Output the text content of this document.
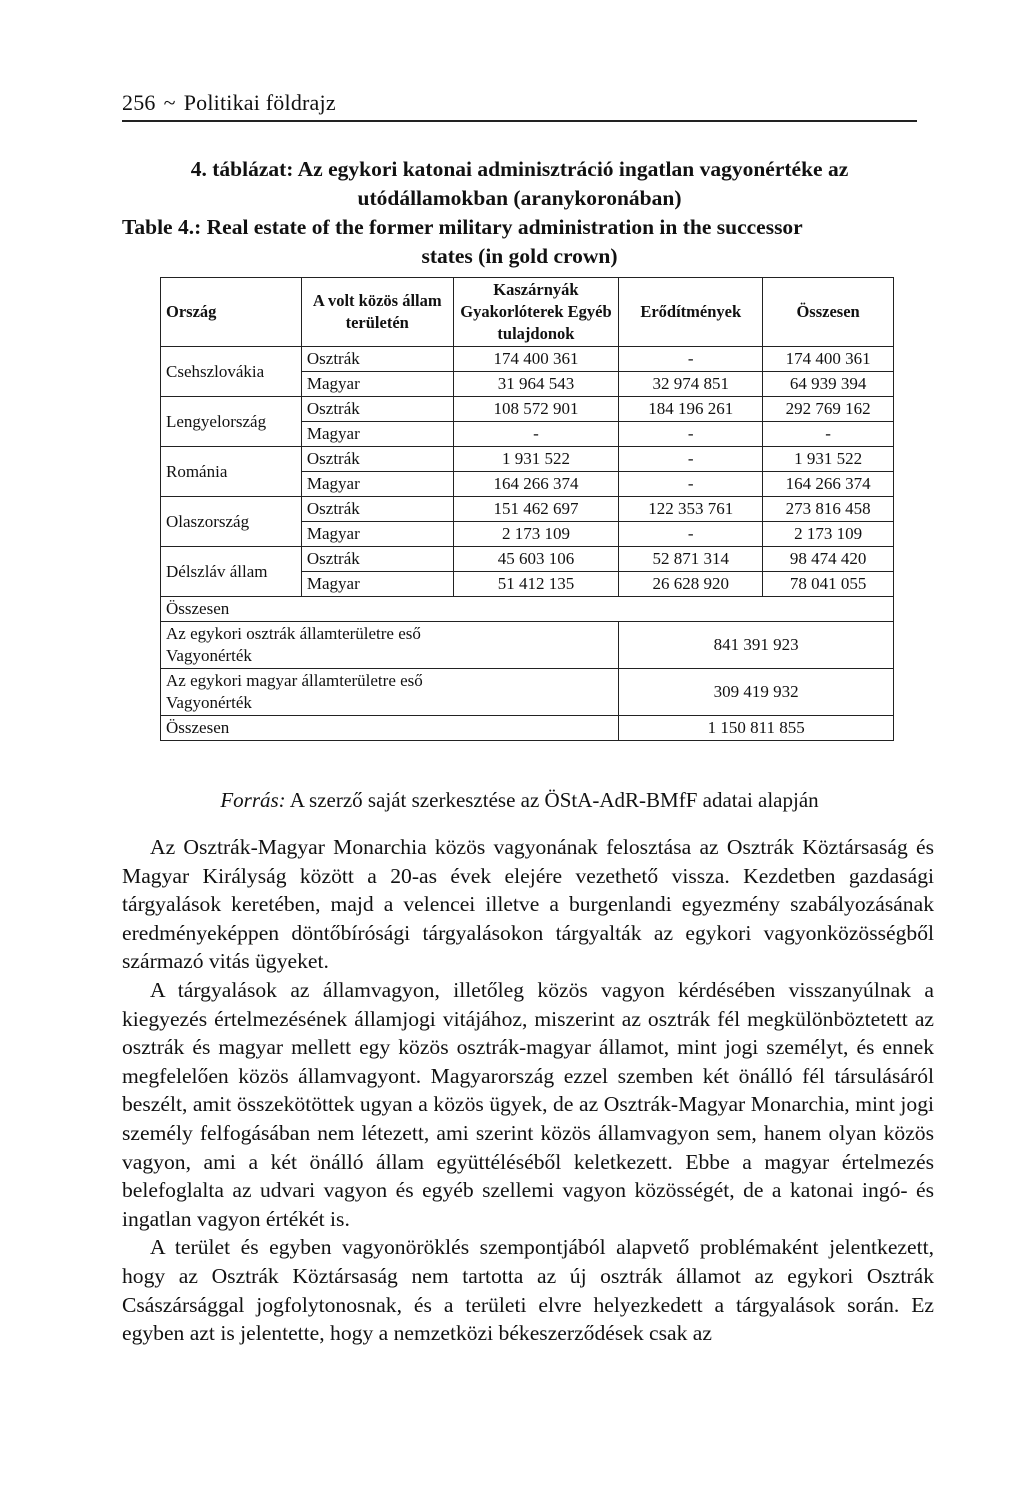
256 ~ Politikai földrajz
4. táblázat: Az egykori katonai adminisztráció ingatlan vagyonértéke az
utódállamokban (aranykoronában)
Table 4.: Real estate of the former military administration in the successor
states (in gold crown)
Ország	A volt közös állam területén	Kaszárnyák Gyakorlóterek Egyéb tulajdonok	Erődítmények	Összesen
Csehszlovákia	Osztrák	174 400 361	-	174 400 361
	Magyar	31 964 543	32 974 851	64 939 394
Lengyelország	Osztrák	108 572 901	184 196 261	292 769 162
	Magyar	-	-	-
Románia	Osztrák	1 931 522	-	1 931 522
	Magyar	164 266 374	-	164 266 374
Olaszország	Osztrák	151 462 697	122 353 761	273 816 458
	Magyar	2 173 109	-	2 173 109
Délszláv állam	Osztrák	45 603 106	52 871 314	98 474 420
	Magyar	51 412 135	26 628 920	78 041 055
Összesen				

Az egykori osztrák államterületre eső
Vagyonérték			841 391 923	

Az egykori magyar államterületre eső
Vagyonérték			309 419 932	
Összesen			1 150 811 855	
Forrás: A szerző saját szerkesztése az ÖStA-AdR-BMfF adatai alapján

Az Osztrák-Magyar Monarchia közös vagyonának felosztása az Osztrák Köztársaság és Magyar Királyság között a 20-as évek elejére vezethető vissza. Kezdetben gazdasági tárgyalások keretében, majd a velencei illetve a burgenlandi egyezmény szabályozásának eredményeképpen döntőbírósági tárgyalásokon tárgyalták az egykori vagyonközösségből származó vitás ügyeket.

A tárgyalások az államvagyon, illetőleg közös vagyon kérdésében visszanyúlnak a kiegyezés értelmezésének államjogi vitájához, miszerint az osztrák fél megkülönböztetett az osztrák és magyar mellett egy közös osztrák-magyar államot, mint jogi személyt, és ennek megfelelően közös államvagyont. Magyarország ezzel szemben két önálló fél társulásáról beszélt, amit összekötöttek ugyan a közös ügyek, de az Osztrák-Magyar Monarchia, mint jogi személy felfogásában nem létezett, ami szerint közös államvagyon sem, hanem olyan közös vagyon, ami a két önálló állam együttéléséből keletkezett. Ebbe a magyar értelmezés belefoglalta az udvari vagyon és egyéb szellemi vagyon közösségét, de a katonai ingó- és ingatlan vagyon értékét is.

A terület és egyben vagyonöröklés szempontjából alapvető problémaként jelentkezett, hogy az Osztrák Köztársaság nem tartotta az új osztrák államot az egykori Osztrák Császársággal jogfolytonosnak, és a területi elvre helyezkedett a tárgyalások során. Ez egyben azt is jelentette, hogy a nemzetközi békeszerződések csak az
